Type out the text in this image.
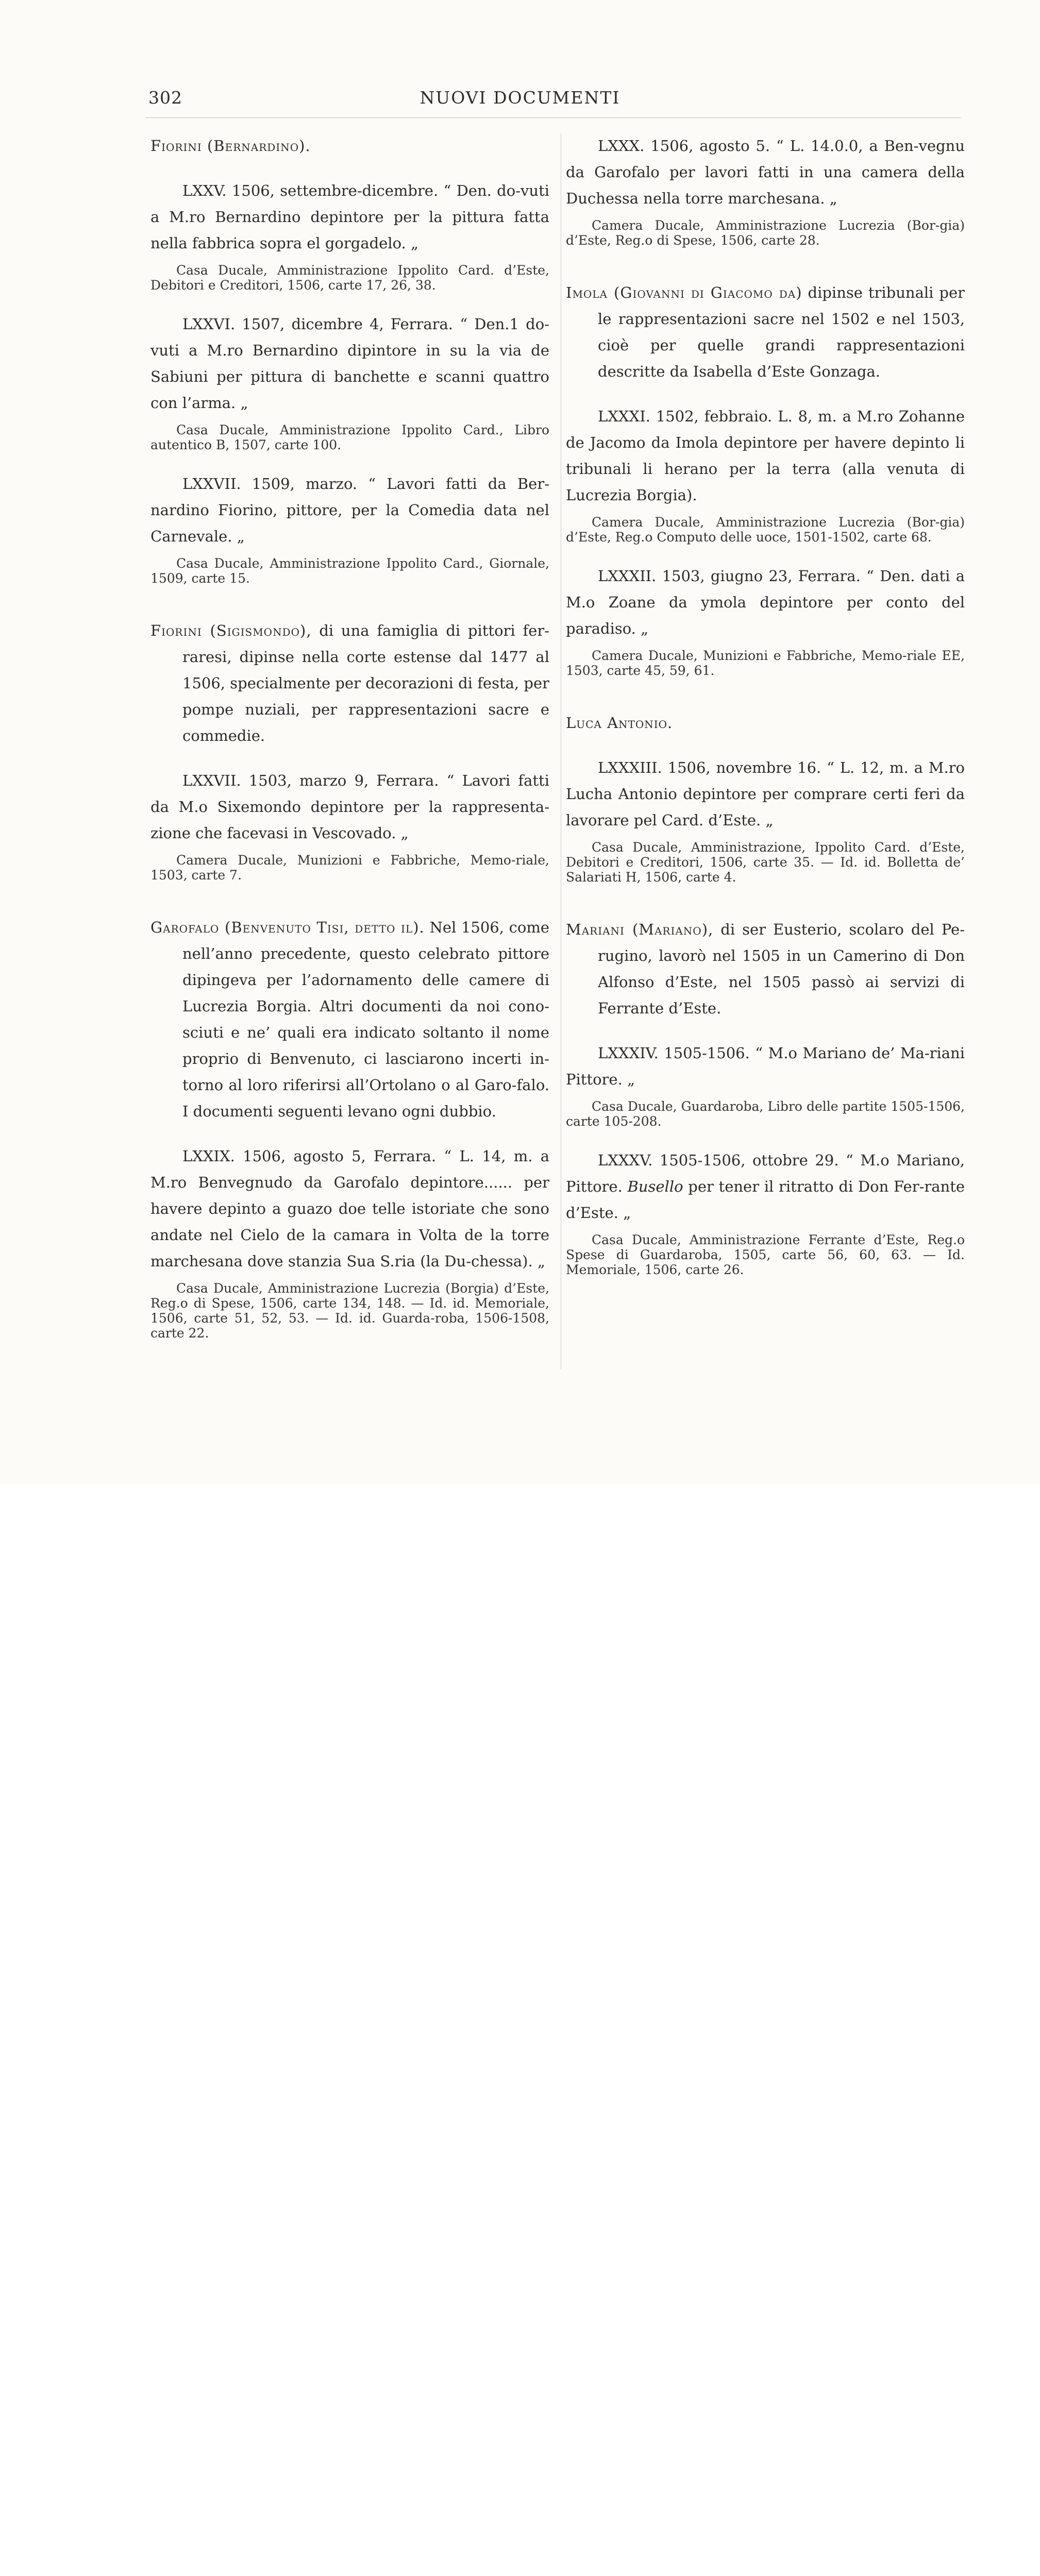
302	NUOVI DOCUMENTI

Fiorini (Bernardino).

LXXV. 1506, settembre-dicembre. “ Den. do-vuti a M.ro Bernardino depintore per la pittura fatta nella fabbrica sopra el gorgadelo. „

Casa Ducale, Amministrazione Ippolito Card. d’Este, Debitori e Creditori, 1506, carte 17, 26, 38.

LXXVI. 1507, dicembre 4, Ferrara. “ Den.1 do-vuti a M.ro Bernardino dipintore in su la via de Sabiuni per pittura di banchette e scanni quattro con l’arma. „

Casa Ducale, Amministrazione Ippolito Card., Libro autentico B, 1507, carte 100.

LXXVII. 1509, marzo. “ Lavori fatti da Ber-nardino Fiorino, pittore, per la Comedia data nel Carnevale. „

Casa Ducale, Amministrazione Ippolito Card., Giornale, 1509, carte 15.

Fiorini (Sigismondo), di una famiglia di pittori fer-raresi, dipinse nella corte estense dal 1477 al 1506, specialmente per decorazioni di festa, per pompe nuziali, per rappresentazioni sacre e commedie.

LXXVII. 1503, marzo 9, Ferrara. “ Lavori fatti da M.o Sixemondo depintore per la rappresenta-zione che facevasi in Vescovado. „

Camera Ducale, Munizioni e Fabbriche, Memo-riale, 1503, carte 7.

Garofalo (Benvenuto Tisi, detto il). Nel 1506, come nell’anno precedente, questo celebrato pittore dipingeva per l’adornamento delle camere di Lucrezia Borgia. Altri documenti da noi cono-sciuti e ne’ quali era indicato soltanto il nome proprio di Benvenuto, ci lasciarono incerti in-torno al loro riferirsi all’Ortolano o al Garo-falo. I documenti seguenti levano ogni dubbio.

LXXIX. 1506, agosto 5, Ferrara. “ L. 14, m. a M.ro Benvegnudo da Garofalo depintore...... per havere depinto a guazo doe telle istoriate che sono andate nel Cielo de la camara in Volta de la torre marchesana dove stanzia Sua S.ria (la Du-chessa). „

Casa Ducale, Amministrazione Lucrezia (Borgia) d’Este, Reg.o di Spese, 1506, carte 134, 148. — Id. id. Memoriale, 1506, carte 51, 52, 53. — Id. id. Guarda-roba, 1506-1508, carte 22.

LXXX. 1506, agosto 5. “ L. 14.0.0, a Ben-vegnu da Garofalo per lavori fatti in una camera della Duchessa nella torre marchesana. „

Camera Ducale, Amministrazione Lucrezia (Bor-gia) d’Este, Reg.o di Spese, 1506, carte 28.

Imola (Giovanni di Giacomo da) dipinse tribunali per le rappresentazioni sacre nel 1502 e nel 1503, cioè per quelle grandi rappresentazioni descritte da Isabella d’Este Gonzaga.

LXXXI. 1502, febbraio. L. 8, m. a M.ro Zohanne de Jacomo da Imola depintore per havere depinto li tribunali li herano per la terra (alla venuta di Lucrezia Borgia).

Camera Ducale, Amministrazione Lucrezia (Bor-gia) d’Este, Reg.o Computo delle uoce, 1501-1502, carte 68.

LXXXII. 1503, giugno 23, Ferrara. “ Den. dati a M.o Zoane da ymola depintore per conto del paradiso. „

Camera Ducale, Munizioni e Fabbriche, Memo-riale EE, 1503, carte 45, 59, 61.

Luca Antonio.

LXXXIII. 1506, novembre 16. “ L. 12, m. a M.ro Lucha Antonio depintore per comprare certi feri da lavorare pel Card. d’Este. „

Casa Ducale, Amministrazione, Ippolito Card. d’Este, Debitori e Creditori, 1506, carte 35. — Id. id. Bolletta de’ Salariati H, 1506, carte 4.

Mariani (Mariano), di ser Eusterio, scolaro del Pe-rugino, lavorò nel 1505 in un Camerino di Don Alfonso d’Este, nel 1505 passò ai servizi di Ferrante d’Este.

LXXXIV. 1505-1506. “ M.o Mariano de’ Ma-riani Pittore. „

Casa Ducale, Guardaroba, Libro delle partite 1505-1506, carte 105-208.

LXXXV. 1505-1506, ottobre 29. “ M.o Mariano, Pittore. Busello per tener il ritratto di Don Fer-rante d’Este. „

Casa Ducale, Amministrazione Ferrante d’Este, Reg.o Spese di Guardaroba, 1505, carte 56, 60, 63. — Id. Memoriale, 1506, carte 26.
